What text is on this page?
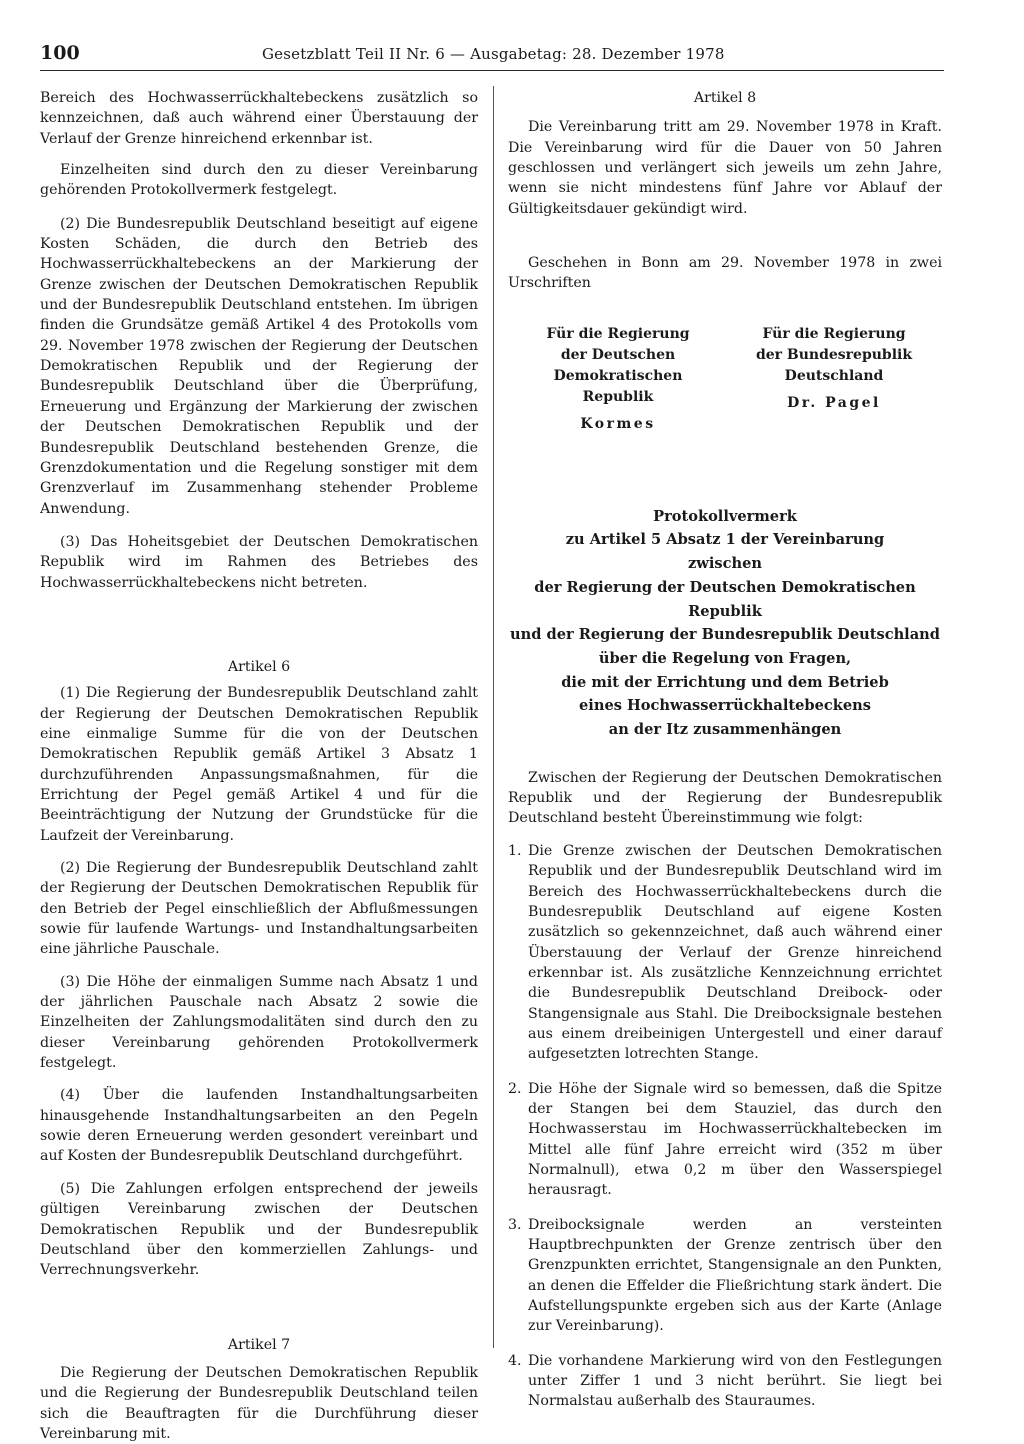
100	Gesetzblatt Teil II Nr. 6 — Ausgabetag: 28. Dezember 1978

Bereich des Hochwasserrückhaltebeckens zusätzlich so kennzeichnen, daß auch während einer Überstauung der Verlauf der Grenze hinreichend erkennbar ist.

Einzelheiten sind durch den zu dieser Vereinbarung gehörenden Protokollvermerk festgelegt.

(2) Die Bundesrepublik Deutschland beseitigt auf eigene Kosten Schäden, die durch den Betrieb des Hochwasserrückhaltebeckens an der Markierung der Grenze zwischen der Deutschen Demokratischen Republik und der Bundesrepublik Deutschland entstehen. Im übrigen finden die Grundsätze gemäß Artikel 4 des Protokolls vom 29. November 1978 zwischen der Regierung der Deutschen Demokratischen Republik und der Regierung der Bundesrepublik Deutschland über die Überprüfung, Erneuerung und Ergänzung der Markierung der zwischen der Deutschen Demokratischen Republik und der Bundesrepublik Deutschland bestehenden Grenze, die Grenzdokumentation und die Regelung sonstiger mit dem Grenzverlauf im Zusammenhang stehender Probleme Anwendung.

(3) Das Hoheitsgebiet der Deutschen Demokratischen Republik wird im Rahmen des Betriebes des Hochwasserrückhaltebeckens nicht betreten.

Artikel 6

(1) Die Regierung der Bundesrepublik Deutschland zahlt der Regierung der Deutschen Demokratischen Republik eine einmalige Summe für die von der Deutschen Demokratischen Republik gemäß Artikel 3 Absatz 1 durchzuführenden Anpassungsmaßnahmen, für die Errichtung der Pegel gemäß Artikel 4 und für die Beeinträchtigung der Nutzung der Grundstücke für die Laufzeit der Vereinbarung.

(2) Die Regierung der Bundesrepublik Deutschland zahlt der Regierung der Deutschen Demokratischen Republik für den Betrieb der Pegel einschließlich der Abflußmessungen sowie für laufende Wartungs- und Instandhaltungsarbeiten eine jährliche Pauschale.

(3) Die Höhe der einmaligen Summe nach Absatz 1 und der jährlichen Pauschale nach Absatz 2 sowie die Einzelheiten der Zahlungsmodalitäten sind durch den zu dieser Vereinbarung gehörenden Protokollvermerk festgelegt.

(4) Über die laufenden Instandhaltungsarbeiten hinausgehende Instandhaltungsarbeiten an den Pegeln sowie deren Erneuerung werden gesondert vereinbart und auf Kosten der Bundesrepublik Deutschland durchgeführt.

(5) Die Zahlungen erfolgen entsprechend der jeweils gültigen Vereinbarung zwischen der Deutschen Demokratischen Republik und der Bundesrepublik Deutschland über den kommerziellen Zahlungs- und Verrechnungsverkehr.

Artikel 7

Die Regierung der Deutschen Demokratischen Republik und die Regierung der Bundesrepublik Deutschland teilen sich die Beauftragten für die Durchführung dieser Vereinbarung mit.

Artikel 8

Die Vereinbarung tritt am 29. November 1978 in Kraft. Die Vereinbarung wird für die Dauer von 50 Jahren geschlossen und verlängert sich jeweils um zehn Jahre, wenn sie nicht mindestens fünf Jahre vor Ablauf der Gültigkeitsdauer gekündigt wird.

Geschehen in Bonn am 29. November 1978 in zwei Urschriften

Für die Regierung
der Deutschen
Demokratischen Republik
Kormes
Für die Regierung
der Bundesrepublik
Deutschland
Dr. Pagel

Protokollvermerk

zu Artikel 5 Absatz 1 der Vereinbarung

zwischen

der Regierung der Deutschen Demokratischen Republik

und der Regierung der Bundesrepublik Deutschland

über die Regelung von Fragen,

die mit der Errichtung und dem Betrieb

eines Hochwasserrückhaltebeckens

an der Itz zusammenhängen

Zwischen der Regierung der Deutschen Demokratischen Republik und der Regierung der Bundesrepublik Deutschland besteht Übereinstimmung wie folgt:

1. Die Grenze zwischen der Deutschen Demokratischen Republik und der Bundesrepublik Deutschland wird im Bereich des Hochwasserrückhaltebeckens durch die Bundesrepublik Deutschland auf eigene Kosten zusätzlich so gekennzeichnet, daß auch während einer Überstauung der Verlauf der Grenze hinreichend erkennbar ist. Als zusätzliche Kennzeichnung errichtet die Bundesrepublik Deutschland Dreibock- oder Stangensignale aus Stahl. Die Dreibocksignale bestehen aus einem dreibeinigen Untergestell und einer darauf aufgesetzten lotrechten Stange.
2. Die Höhe der Signale wird so bemessen, daß die Spitze der Stangen bei dem Stauziel, das durch den Hochwasserstau im Hochwasserrückhaltebecken im Mittel alle fünf Jahre erreicht wird (352 m über Normalnull), etwa 0,2 m über den Wasserspiegel herausragt.
3. Dreibocksignale werden an versteinten Hauptbrechpunkten der Grenze zentrisch über den Grenzpunkten errichtet, Stangensignale an den Punkten, an denen die Effelder die Fließrichtung stark ändert. Die Aufstellungspunkte ergeben sich aus der Karte (Anlage zur Vereinbarung).
4. Die vorhandene Markierung wird von den Festlegungen unter Ziffer 1 und 3 nicht berührt. Sie liegt bei Normalstau außerhalb des Stauraumes.
